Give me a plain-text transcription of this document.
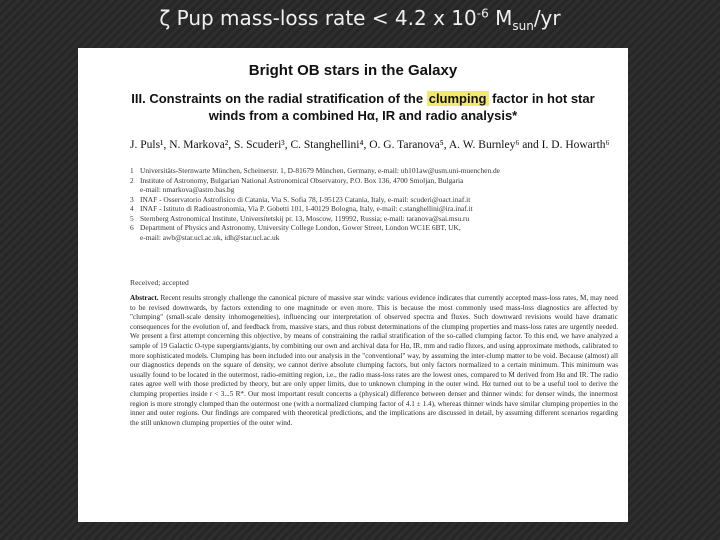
ζ Pup mass-loss rate < 4.2 x $10^{-6}$ $M_{sun}/yr$
Bright OB stars in the Galaxy
III. Constraints on the radial stratification of the clumping factor in hot star winds from a combined Hα, IR and radio analysis*
J. Puls¹, N. Markova², S. Scuderi³, C. Stanghellini⁴, O. G. Taranova⁵, A. W. Burnley⁶ and I. D. Howarth⁶
1 Universitäts-Sternwarte München, Scheinerstr. 1, D-81679 München, Germany, e-mail: uh101aw@usm.uni-muenchen.de
2 Institute of Astronomy, Bulgarian National Astronomical Observatory, P.O. Box 136, 4700 Smoljan, Bulgaria
e-mail: nmarkova@astro.bas.bg
3 INAF - Osservatorio Astrofisico di Catania, Via S. Sofia 78, I-95123 Catania, Italy, e-mail: scuderi@oact.inaf.it
4 INAF - Istituto di Radioastronomia, Via P. Gobetti 101, I-40129 Bologna, Italy, e-mail: c.stanghellini@ira.inaf.it
5 Sternberg Astronomical Institute, Universitetskij pr. 13, Moscow, 119992, Russia; e-mail: taranova@sai.msu.ru
6 Department of Physics and Astronomy, University College London, Gower Street, London WC1E 6BT, UK,
e-mail: awb@star.ucl.ac.uk, idh@star.ucl.ac.uk
Received; accepted
Abstract. Recent results strongly challenge the canonical picture of massive star winds: various evidence indicates that currently accepted mass-loss rates, Ṁ, may need to be revised downwards, by factors extending to one magnitude or even more. This is because the most commonly used mass-loss diagnostics are affected by "clumping" (small-scale density inhomogeneities), influencing our interpretation of observed spectra and fluxes. Such downward revisions would have dramatic consequences for the evolution of, and feedback from, massive stars, and thus robust determinations of the clumping properties and mass-loss rates are urgently needed. We present a first attempt concerning this objective, by means of constraining the radial stratification of the so-called clumping factor. To this end, we have analyzed a sample of 19 Galactic O-type supergiants/giants, by combining our own and archival data for Hα, IR, mm and radio fluxes, and using approximate methods, calibrated to more sophisticated models. Clumping has been included into our analysis in the "conventional" way, by assuming the inter-clump matter to be void. Because (almost) all our diagnostics depends on the square of density, we cannot derive absolute clumping factors, but only factors normalized to a certain minimum. This minimum was usually found to be located in the outermost, radio-emitting region, i.e., the radio mass-loss rates are the lowest ones, compared to Ṁ derived from Hα and IR. The radio rates agree well with those predicted by theory, but are only upper limits, due to unknown clumping in the outer wind. Hα turned out to be a useful tool to derive the clumping properties inside r < 3...5 R*. Our most important result concerns a (physical) difference between denser and thinner winds: for denser winds, the innermost region is more strongly clumped than the outermost one (with a normalized clumping factor of 4.1 ± 1.4), whereas thinner winds have similar clumping properties in the inner and outer regions. Our findings are compared with theoretical predictions, and the implications are discussed in detail, by assuming different scenarios regarding the still unknown clumping properties of the outer wind.
